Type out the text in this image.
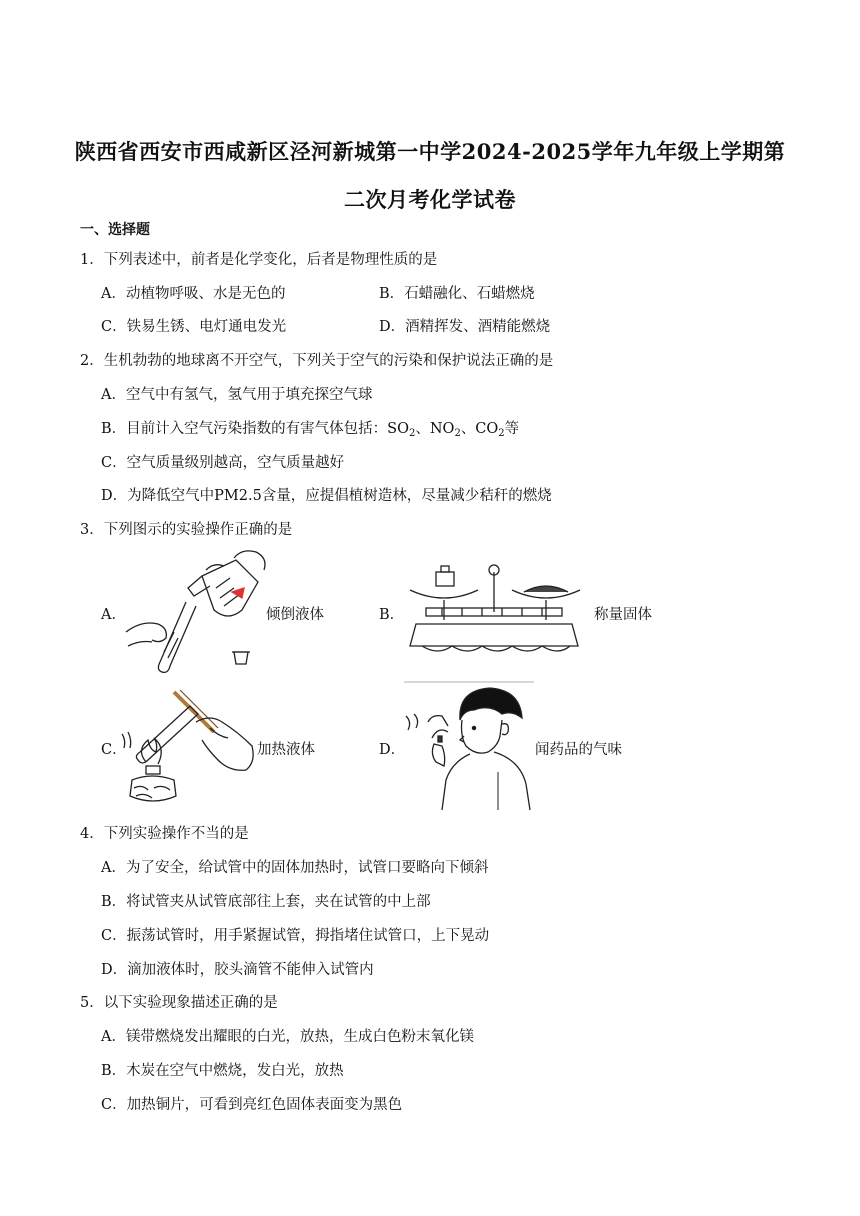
陕西省西安市西咸新区泾河新城第一中学2024-2025学年九年级上学期第
二次月考化学试卷
一、选择题
1．下列表述中，前者是化学变化，后者是物理性质的是
A．动植物呼吸、水是无色的	B．石蜡融化、石蜡燃烧
C．铁易生锈、电灯通电发光	D．酒精挥发、酒精能燃烧
2．生机勃勃的地球离不开空气，下列关于空气的污染和保护说法正确的是
A．空气中有氢气，氢气用于填充探空气球
B．目前计入空气污染指数的有害气体包括：$SO_2$、$NO_2$、$CO_2$等
C．空气质量级别越高，空气质量越好
D．为降低空气中PM2.5含量，应提倡植树造林，尽量减少秸秆的燃烧
3．下列图示的实验操作正确的是
A．	倾倒液体	B．	称量固体
C．	加热液体	D．	闻药品的气味
4．下列实验操作不当的是
A．为了安全，给试管中的固体加热时，试管口要略向下倾斜
B．将试管夹从试管底部往上套，夹在试管的中上部
C．振荡试管时，用手紧握试管，拇指堵住试管口，上下晃动
D．滴加液体时，胶头滴管不能伸入试管内
5．以下实验现象描述正确的是
A．镁带燃烧发出耀眼的白光，放热，生成白色粉末氧化镁
B．木炭在空气中燃烧，发白光，放热
C．加热铜片，可看到亮红色固体表面变为黑色
